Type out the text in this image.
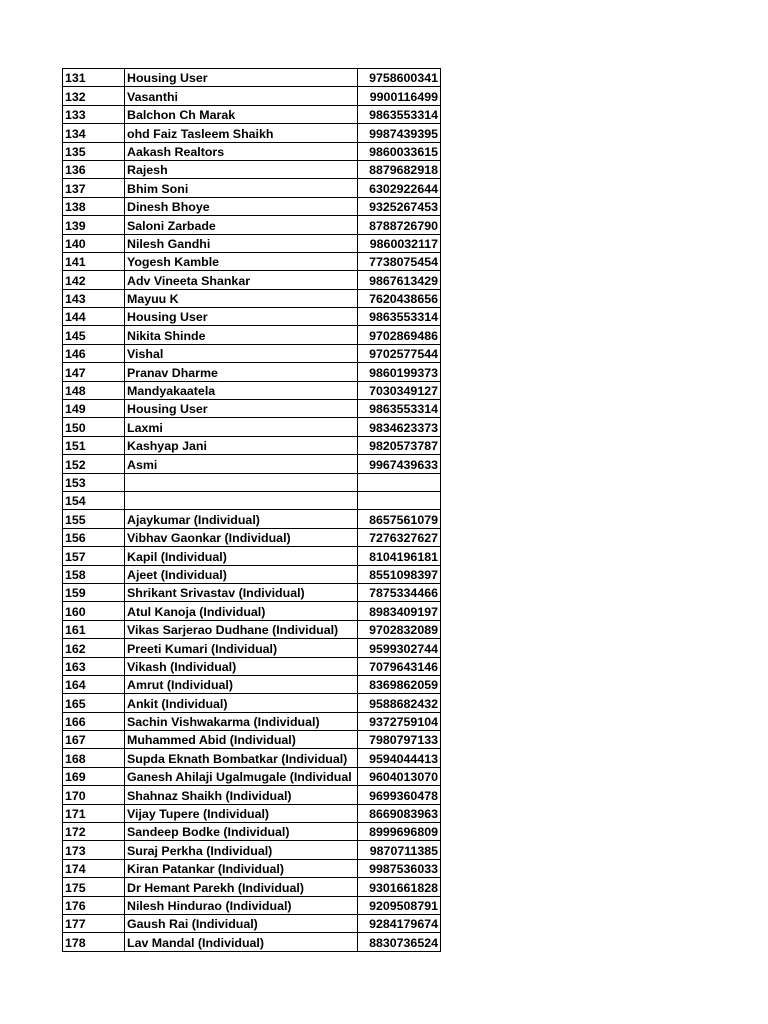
131	Housing User	9758600341
132	Vasanthi	9900116499
133	Balchon Ch Marak	9863553314
134	ohd Faiz Tasleem Shaikh	9987439395
135	Aakash Realtors	9860033615
136	Rajesh	8879682918
137	Bhim Soni	6302922644
138	Dinesh Bhoye	9325267453
139	Saloni Zarbade	8788726790
140	Nilesh Gandhi	9860032117
141	Yogesh Kamble	7738075454
142	Adv Vineeta Shankar	9867613429
143	Mayuu K	7620438656
144	Housing User	9863553314
145	Nikita Shinde	9702869486
146	Vishal	9702577544
147	Pranav Dharme	9860199373
148	Mandyakaatela	7030349127
149	Housing User	9863553314
150	Laxmi	9834623373
151	Kashyap Jani	9820573787
152	Asmi	9967439633
153		
154		
155	Ajaykumar (Individual)	8657561079
156	Vibhav Gaonkar (Individual)	7276327627
157	Kapil (Individual)	8104196181
158	Ajeet (Individual)	8551098397
159	Shrikant Srivastav (Individual)	7875334466
160	Atul Kanoja (Individual)	8983409197
161	Vikas Sarjerao Dudhane (Individual)	9702832089
162	Preeti Kumari (Individual)	9599302744
163	Vikash (Individual)	7079643146
164	Amrut (Individual)	8369862059
165	Ankit (Individual)	9588682432
166	Sachin Vishwakarma (Individual)	9372759104
167	Muhammed Abid (Individual)	7980797133
168	Supda Eknath Bombatkar (Individual)	9594044413
169	Ganesh Ahilaji Ugalmugale (Individual	9604013070
170	Shahnaz Shaikh (Individual)	9699360478
171	Vijay Tupere (Individual)	8669083963
172	Sandeep Bodke (Individual)	8999696809
173	Suraj Perkha (Individual)	9870711385
174	Kiran Patankar (Individual)	9987536033
175	Dr Hemant Parekh (Individual)	9301661828
176	Nilesh Hindurao (Individual)	9209508791
177	Gaush Rai (Individual)	9284179674
178	Lav Mandal (Individual)	8830736524
